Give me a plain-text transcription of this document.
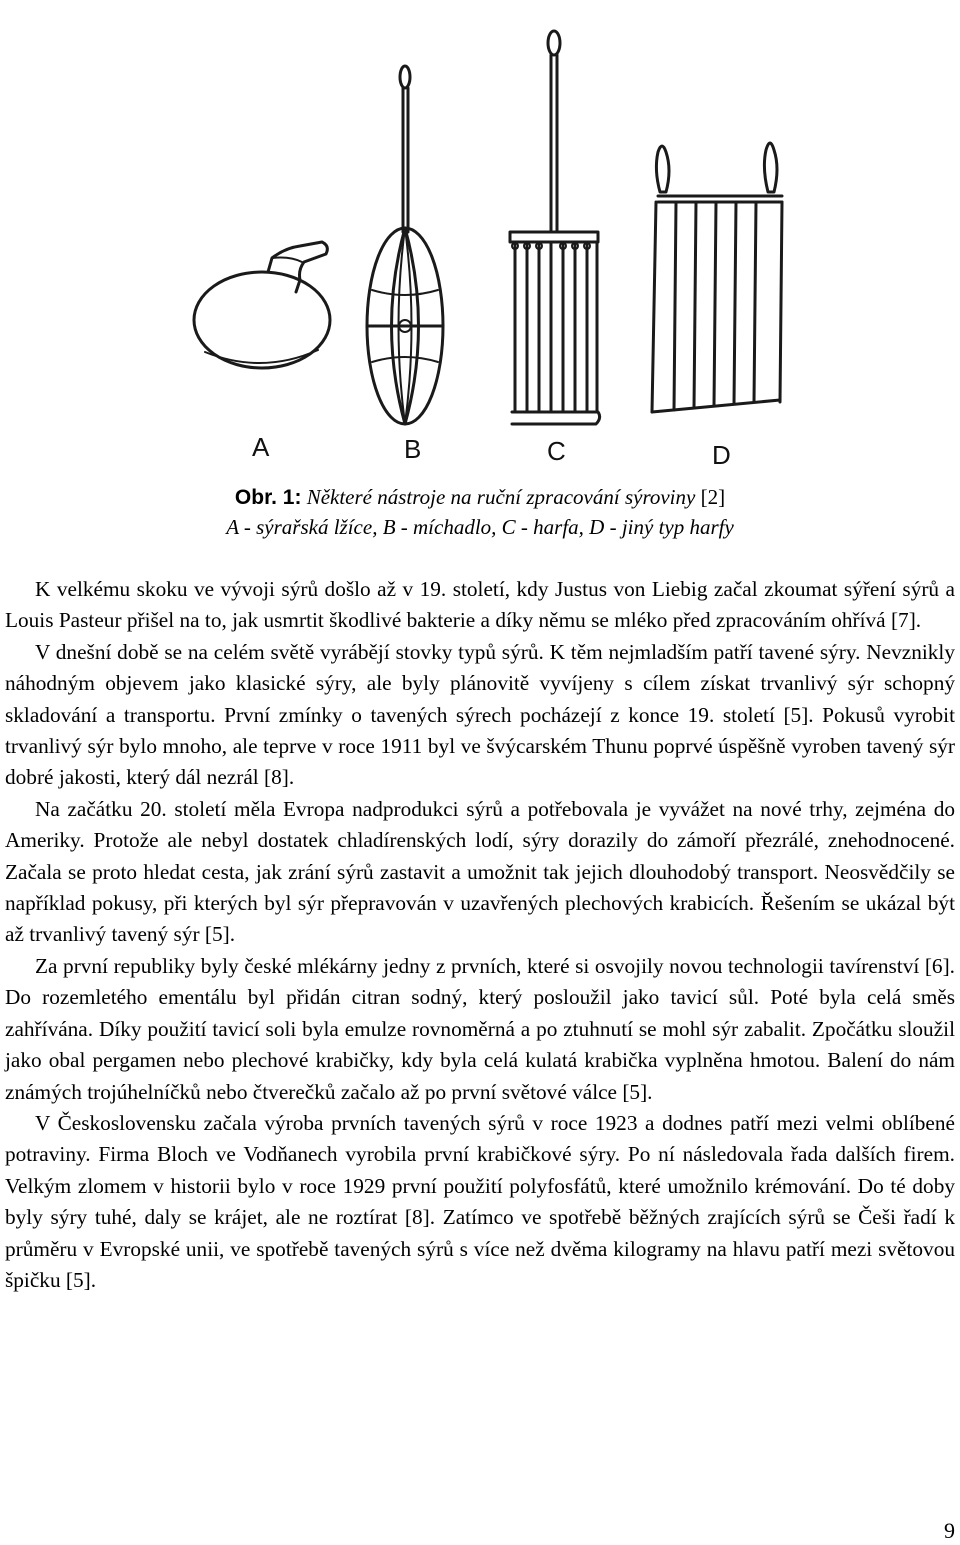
A	B	C	D
Obr. 1: Některé nástroje na ruční zpracování sýroviny [2]
A - sýrařská lžíce, B - míchadlo, C - harfa, D - jiný typ harfy

K velkému skoku ve vývoji sýrů došlo až v 19. století, kdy Justus von Liebig začal zkoumat sýření sýrů a Louis Pasteur přišel na to, jak usmrtit škodlivé bakterie a díky němu se mléko před zpracováním ohřívá [7].

V dnešní době se na celém světě vyrábějí stovky typů sýrů. K těm nejmladším patří tavené sýry. Nevznikly náhodným objevem jako klasické sýry, ale byly plánovitě vyvíjeny s cílem získat trvanlivý sýr schopný skladování a transportu. První zmínky o tavených sýrech pocházejí z konce 19. století [5]. Pokusů vyrobit trvanlivý sýr bylo mnoho, ale teprve v roce 1911 byl ve švýcarském Thunu poprvé úspěšně vyroben tavený sýr dobré jakosti, který dál nezrál [8].

Na začátku 20. století měla Evropa nadprodukci sýrů a potřebovala je vyvážet na nové trhy, zejména do Ameriky. Protože ale nebyl dostatek chladírenských lodí, sýry dorazily do zámoří přezrálé, znehodnocené. Začala se proto hledat cesta, jak zrání sýrů zastavit a umožnit tak jejich dlouhodobý transport. Neosvědčily se například pokusy, při kterých byl sýr přepravován v uzavřených plechových krabicích. Řešením se ukázal být až trvanlivý tavený sýr [5].

Za první republiky byly české mlékárny jedny z prvních, které si osvojily novou technologii tavírenství [6]. Do rozemletého ementálu byl přidán citran sodný, který posloužil jako tavicí sůl. Poté byla celá směs zahřívána. Díky použití tavicí soli byla emulze rovnoměrná a po ztuhnutí se mohl sýr zabalit. Zpočátku sloužil jako obal pergamen nebo plechové krabičky, kdy byla celá kulatá krabička vyplněna hmotou. Balení do nám známých trojúhelníčků nebo čtverečků začalo až po první světové válce [5].

V Československu začala výroba prvních tavených sýrů v roce 1923 a dodnes patří mezi velmi oblíbené potraviny. Firma Bloch ve Vodňanech vyrobila první krabičkové sýry. Po ní následovala řada dalších firem. Velkým zlomem v historii bylo v roce 1929 první použití polyfosfátů, které umožnilo krémování. Do té doby byly sýry tuhé, daly se krájet, ale ne roztírat [8]. Zatímco ve spotřebě běžných zrajících sýrů se Češi řadí k průměru v Evropské unii, ve spotřebě tavených sýrů s více než dvěma kilogramy na hlavu patří mezi světovou špičku [5].

9
